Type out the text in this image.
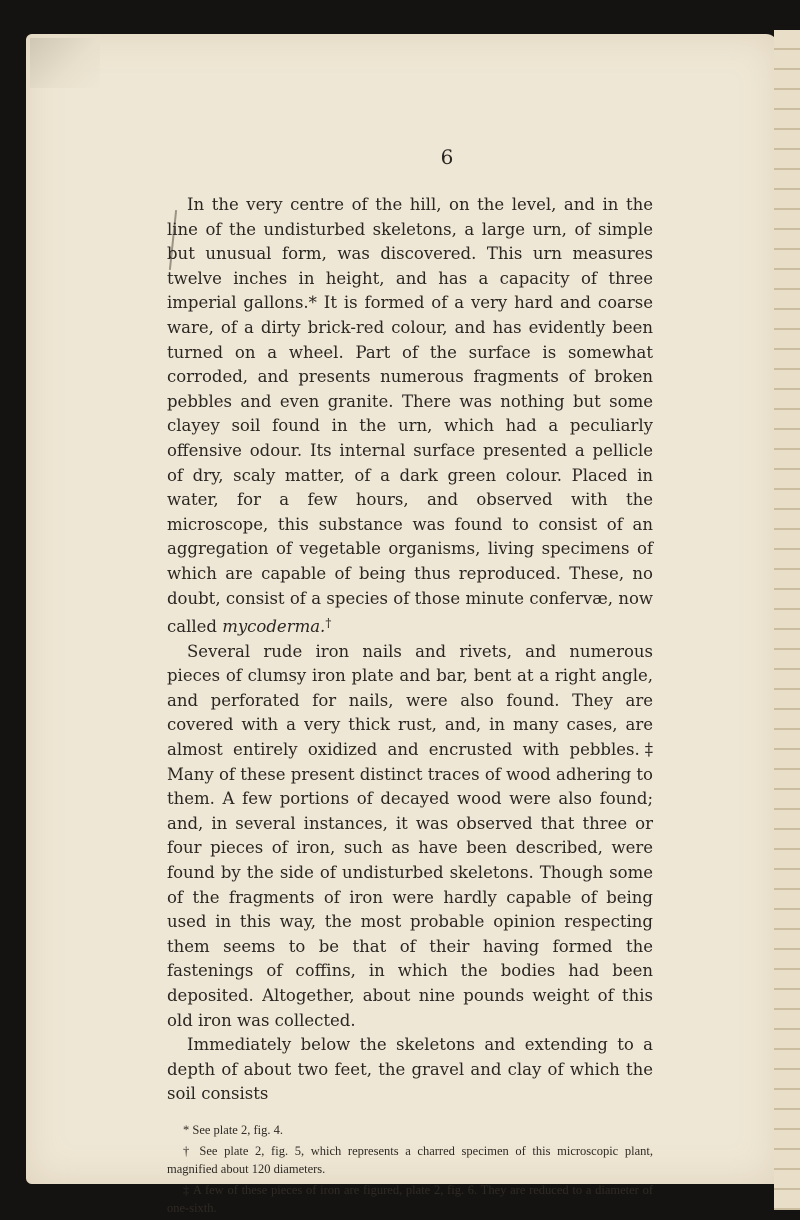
6

In the very centre of the hill, on the level, and in the line of the undisturbed skeletons, a large urn, of simple but unusual form, was discovered. This urn measures twelve inches in height, and has a capacity of three imperial gallons.* It is formed of a very hard and coarse ware, of a dirty brick-red colour, and has evidently been turned on a wheel. Part of the surface is somewhat corroded, and presents numerous fragments of broken pebbles and even granite. There was nothing but some clayey soil found in the urn, which had a peculiarly offensive odour. Its internal surface presented a pellicle of dry, scaly matter, of a dark green colour. Placed in water, for a few hours, and observed with the microscope, this substance was found to consist of an aggregation of vegetable organisms, living specimens of which are capable of being thus reproduced. These, no doubt, consist of a species of those minute confervæ, now called mycoderma.†

Several rude iron nails and rivets, and numerous pieces of clumsy iron plate and bar, bent at a right angle, and perforated for nails, were also found. They are covered with a very thick rust, and, in many cases, are almost entirely oxidized and encrusted with pebbles.‡ Many of these present distinct traces of wood adhering to them. A few portions of decayed wood were also found; and, in several instances, it was observed that three or four pieces of iron, such as have been described, were found by the side of undisturbed skeletons. Though some of the fragments of iron were hardly capable of being used in this way, the most probable opinion respecting them seems to be that of their having formed the fastenings of coffins, in which the bodies had been deposited. Altogether, about nine pounds weight of this old iron was collected.

Immediately below the skeletons and extending to a depth of about two feet, the gravel and clay of which the soil consists

* See plate 2, fig. 4.

† See plate 2, fig. 5, which represents a charred specimen of this microscopic plant, magnified about 120 diameters.

‡ A few of these pieces of iron are figured, plate 2, fig. 6. They are reduced to a diameter of one-sixth.
